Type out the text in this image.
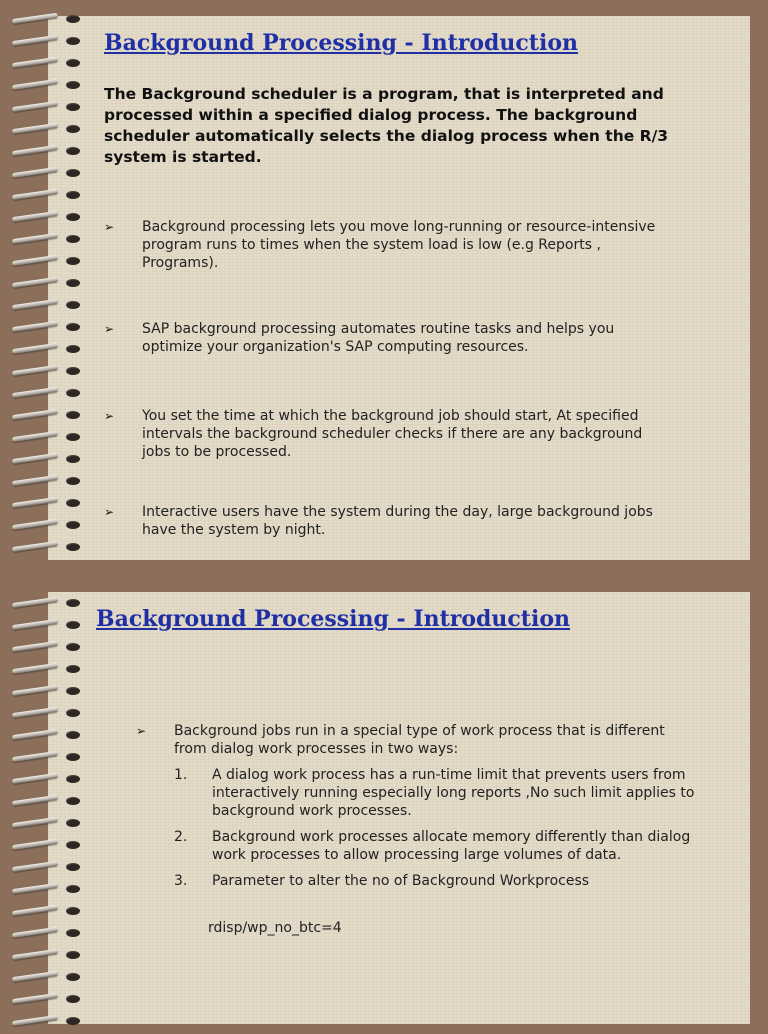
Background Processing - Introduction
The Background scheduler is a program, that is interpreted and processed within a specified dialog process. The background scheduler automatically selects the dialog process when the R/3 system is started.
➢ Background processing lets you move long-running or resource-intensive program runs to times when the system load is low (e.g Reports , Programs).
➢ SAP background processing automates routine tasks and helps you optimize your organization's SAP computing resources.
➢ You set the time at which the background job should start, At specified intervals the background scheduler checks if there are any background jobs to be processed.
➢ Interactive users have the system during the day, large background jobs have the system by night.
Background Processing - Introduction
➢ Background jobs run in a special type of work process that is different from dialog work processes in two ways:
1. A dialog work process has a run-time limit that prevents users from interactively running especially long reports ,No such limit applies to background work processes.
2. Background work processes allocate memory differently than dialog work processes to allow processing large volumes of data.
3. Parameter to alter the no of Background Workprocess
rdisp/wp_no_btc=4
